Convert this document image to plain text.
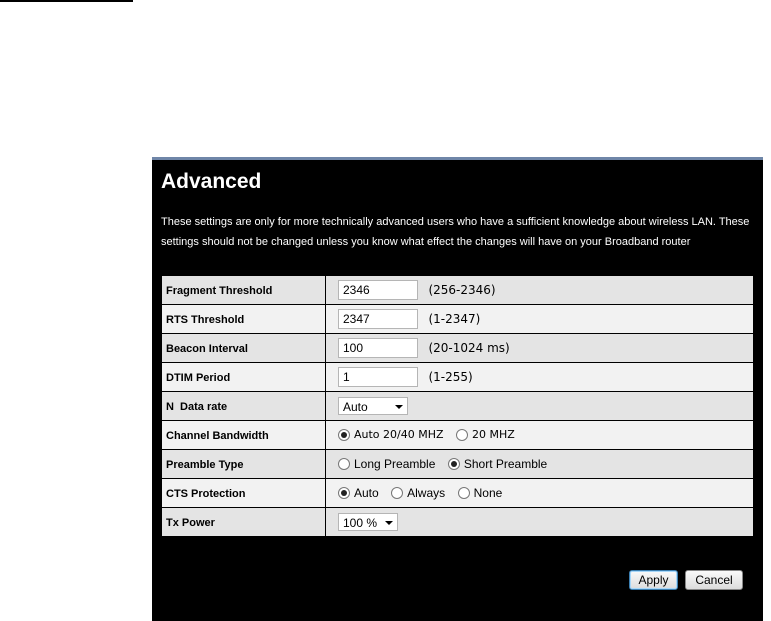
Advanced

These settings are only for more technically advanced users who have a sufficient knowledge about wireless LAN. These settings should not be changed unless you know what effect the changes will have on your Broadband router

Fragment Threshold	2346(256-2346)
RTS Threshold	2347(1-2347)
Beacon Interval	100(20-1024 ms)
DTIM Period	1(1-255)
N  Data rate	Auto

Channel Bandwidth	Auto 20/40 MHZ 20 MHZ
Preamble Type	Long Preamble Short Preamble
CTS Protection	Auto Always None
Tx Power	100 %
Apply	Cancel
